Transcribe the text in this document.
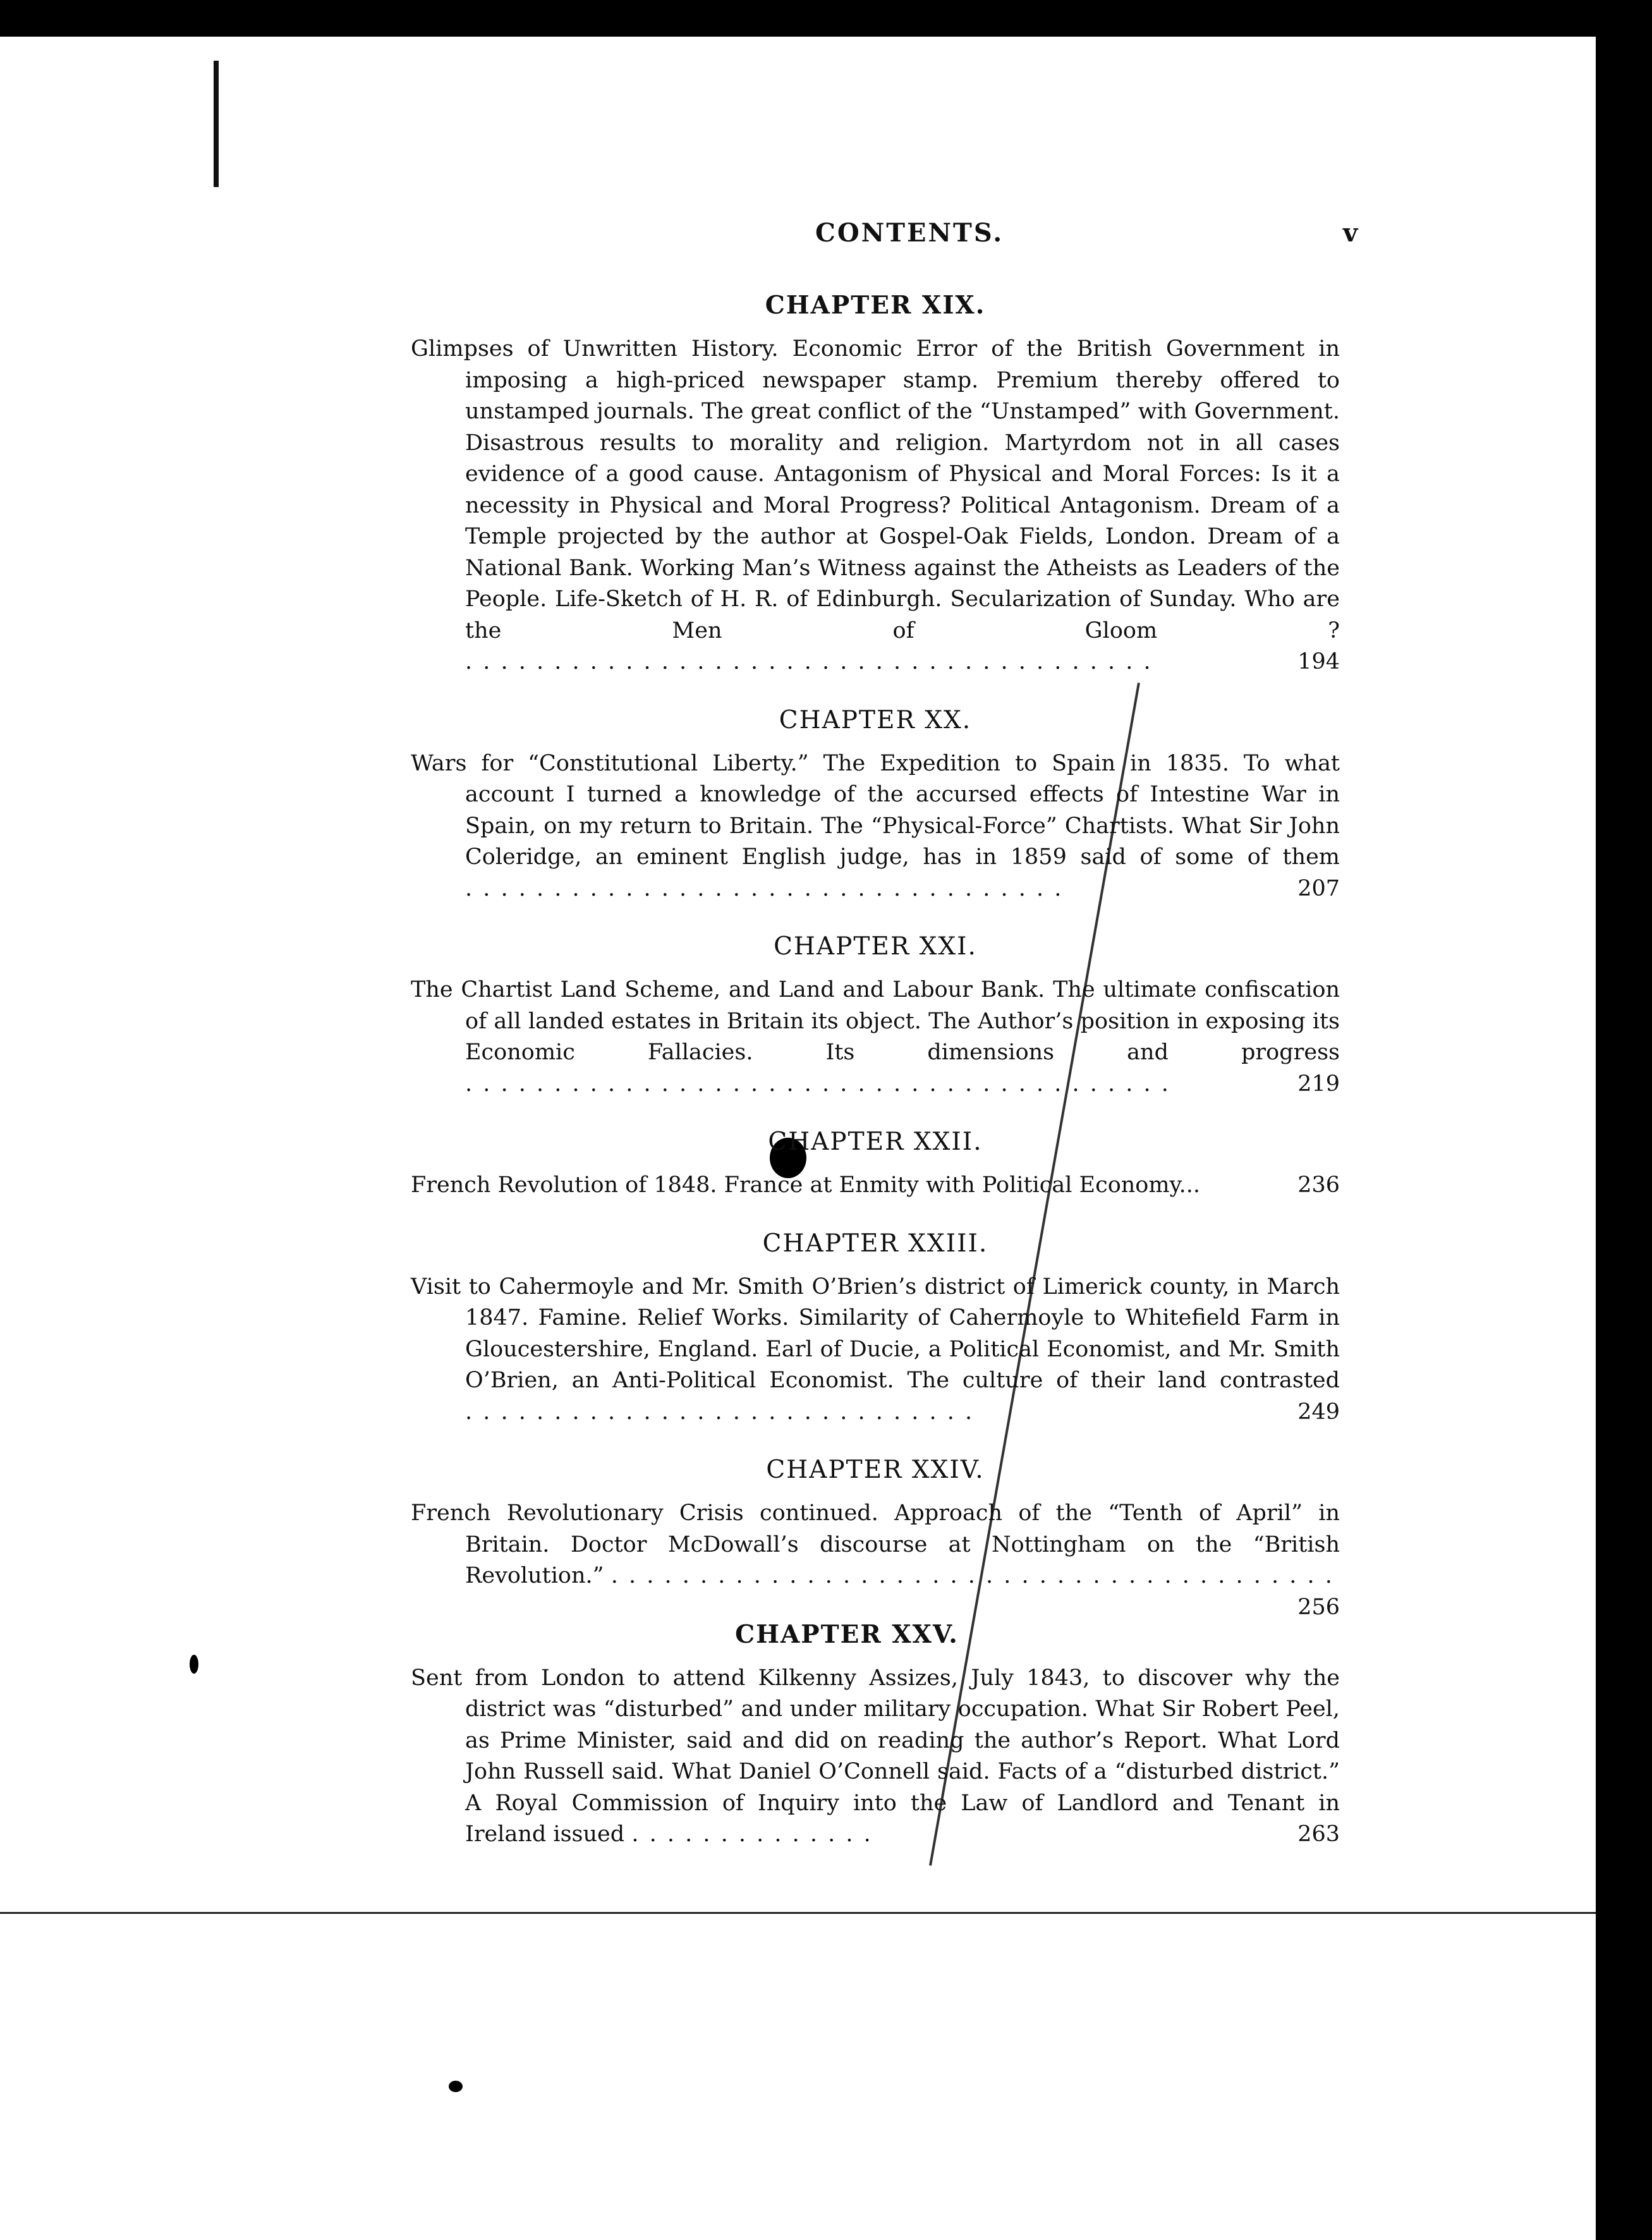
CONTENTS.	v
CHAPTER XIX.
Glimpses of Unwritten History. Economic Error of the British Government in imposing a high-priced newspaper stamp. Premium thereby offered to unstamped journals. The great conflict of the “Unstamped” with Government. Disastrous results to morality and religion. Martyrdom not in all cases evidence of a good cause. Antagonism of Physical and Moral Forces: Is it a necessity in Physical and Moral Progress? Political Antagonism. Dream of a Temple projected by the author at Gospel-Oak Fields, London. Dream of a National Bank. Working Man’s Witness against the Atheists as Leaders of the People. Life-Sketch of H. R. of Edinburgh. Secularization of Sunday. Who are the Men of Gloom ? . . . . . . . . . . . . . . . . . . . . . . . . . . . . . . . . . . . . . . .	194
CHAPTER XX.
Wars for “Constitutional Liberty.” The Expedition to Spain in 1835. To what account I turned a knowledge of the accursed effects of Intestine War in Spain, on my return to Britain. The “Physical-Force” Chartists. What Sir John Coleridge, an eminent English judge, has in 1859 said of some of them . . . . . . . . . . . . . . . . . . . . . . . . . . . . . . . . . .	207
CHAPTER XXI.
The Chartist Land Scheme, and Land and Labour Bank. The ultimate confiscation of all landed estates in Britain its object. The Author’s position in exposing its Economic Fallacies. Its dimensions and progress . . . . . . . . . . . . . . . . . . . . . . . . . . . . . . . . . . . . . . . .	219
CHAPTER XXII.
French Revolution of 1848. France at Enmity with Political Economy...	236
CHAPTER XXIII.
Visit to Cahermoyle and Mr. Smith O’Brien’s district of Limerick county, in March 1847. Famine. Relief Works. Similarity of Cahermoyle to Whitefield Farm in Gloucestershire, England. Earl of Ducie, a Political Economist, and Mr. Smith O’Brien, an Anti-Political Economist. The culture of their land contrasted . . . . . . . . . . . . . . . . . . . . . . . . . . . . .	249
CHAPTER XXIV.
French Revolutionary Crisis continued. Approach of the “Tenth of April” in Britain. Doctor McDowall’s discourse at Nottingham on the “British Revolution.” . . . . . . . . . . . . . . . . . . . . . . . . . . . . . . . . . . . . . . . . .
256
CHAPTER XXV.
Sent from London to attend Kilkenny Assizes, July 1843, to discover why the district was “disturbed” and under military occupation. What Sir Robert Peel, as Prime Minister, said and did on reading the author’s Report. What Lord John Russell said. What Daniel O’Connell said. Facts of a “disturbed district.” A Royal Commission of Inquiry into the Law of Landlord and Tenant in Ireland issued . . . . . . . . . . . . . .	263
